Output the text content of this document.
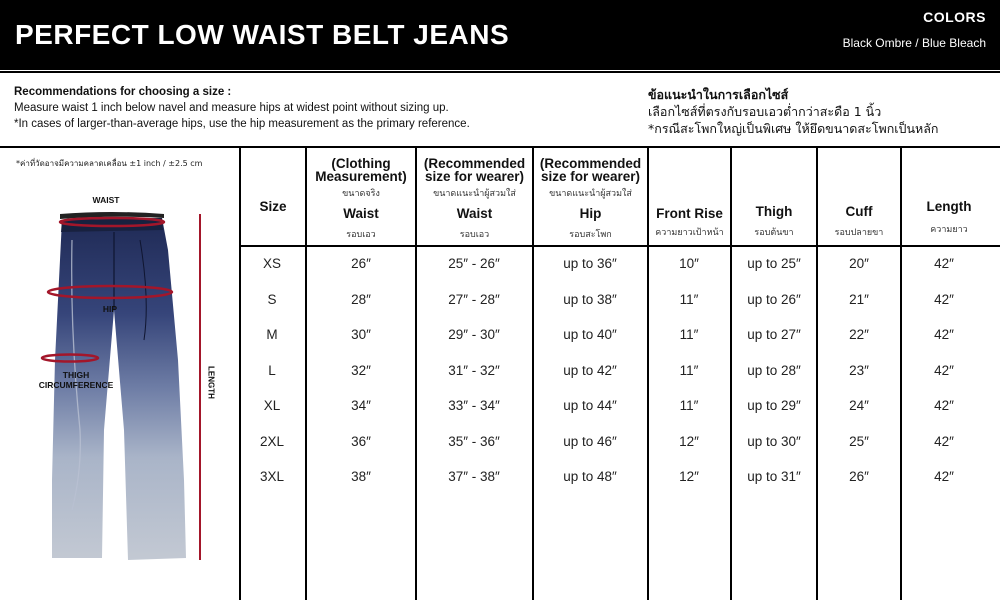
PERFECT LOW WAIST BELT JEANS
COLORS
Black Ombre / Blue Bleach
Recommendations for choosing a size :
Measure waist 1 inch below navel and measure hips at widest point without sizing up.
*In cases of larger-than-average hips, use the hip measurement as the primary reference.
ข้อแนะนำในการเลือกไซส์
เลือกไซส์ที่ตรงกับรอบเอวต่ำกว่าสะดือ 1 นิ้ว
*กรณีสะโพกใหญ่เป็นพิเศษ ให้ยึดขนาดสะโพกเป็นหลัก
*ค่าที่วัดอาจมีความคลาดเคลื่อน ±1 inch / ±2.5 cm
WAIST
HIP
THIGH
CIRCUMFERENCE	LENGTH
Size
(Clothing
Measurement)
ขนาดจริง
Waist
รอบเอว
(Recommended
size for wearer)
ขนาดแนะนำผู้สวมใส่
Waist
รอบเอว
(Recommended
size for wearer)
ขนาดแนะนำผู้สวมใส่
Hip
รอบสะโพก
Front Rise
ความยาวเป้าหน้า
Thigh
รอบต้นขา
Cuff
รอบปลายขา
Length
ความยาว
XS	26″	25″ - 26″	up to 36″	10″	up to 25″	20″	42″
S	28″	27″ - 28″	up to 38″	11″	up to 26″	21″	42″
M	30″	29″ - 30″	up to 40″	11″	up to 27″	22″	42″
L	32″	31″ - 32″	up to 42″	11″	up to 28″	23″	42″
XL	34″	33″ - 34″	up to 44″	11″	up to 29″	24″	42″
2XL	36″	35″ - 36″	up to 46″	12″	up to 30″	25″	42″
3XL	38″	37″ - 38″	up to 48″	12″	up to 31″	26″	42″
